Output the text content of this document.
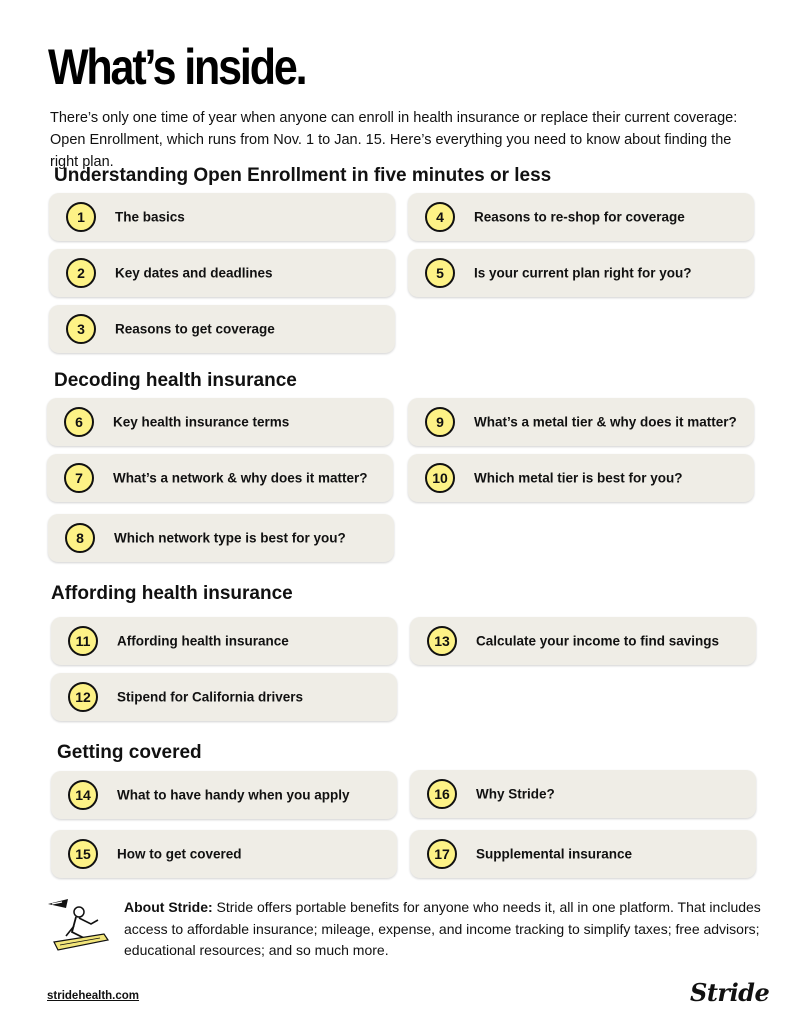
What’s inside.

There’s only one time of year when anyone can enroll in health insurance or replace their current coverage: Open Enrollment, which runs from Nov. 1 to Jan. 15. Here’s everything you need to know about finding the right plan.

Understanding Open Enrollment in five minutes or less
1	The basics
2	Key dates and deadlines
3	Reasons to get coverage
4	Reasons to re-shop for coverage
5	Is your current plan right for you?
Decoding health insurance
6	Key health insurance terms
7	What’s a network & why does it matter?
8	Which network type is best for you?
9	What’s a metal tier & why does it matter?
10	Which metal tier is best for you?
Affording health insurance
11	Affording health insurance
12	Stipend for California drivers
13	Calculate your income to find savings
Getting covered
14	What to have handy when you apply
15	How to get covered
16	Why Stride?
17	Supplemental insurance

About Stride: Stride offers portable benefits for anyone who needs it, all in one platform. That includes access to affordable insurance; mileage, expense, and income tracking to simplify taxes; free advisors; educational resources; and so much more.

stridehealth.com	Stride
